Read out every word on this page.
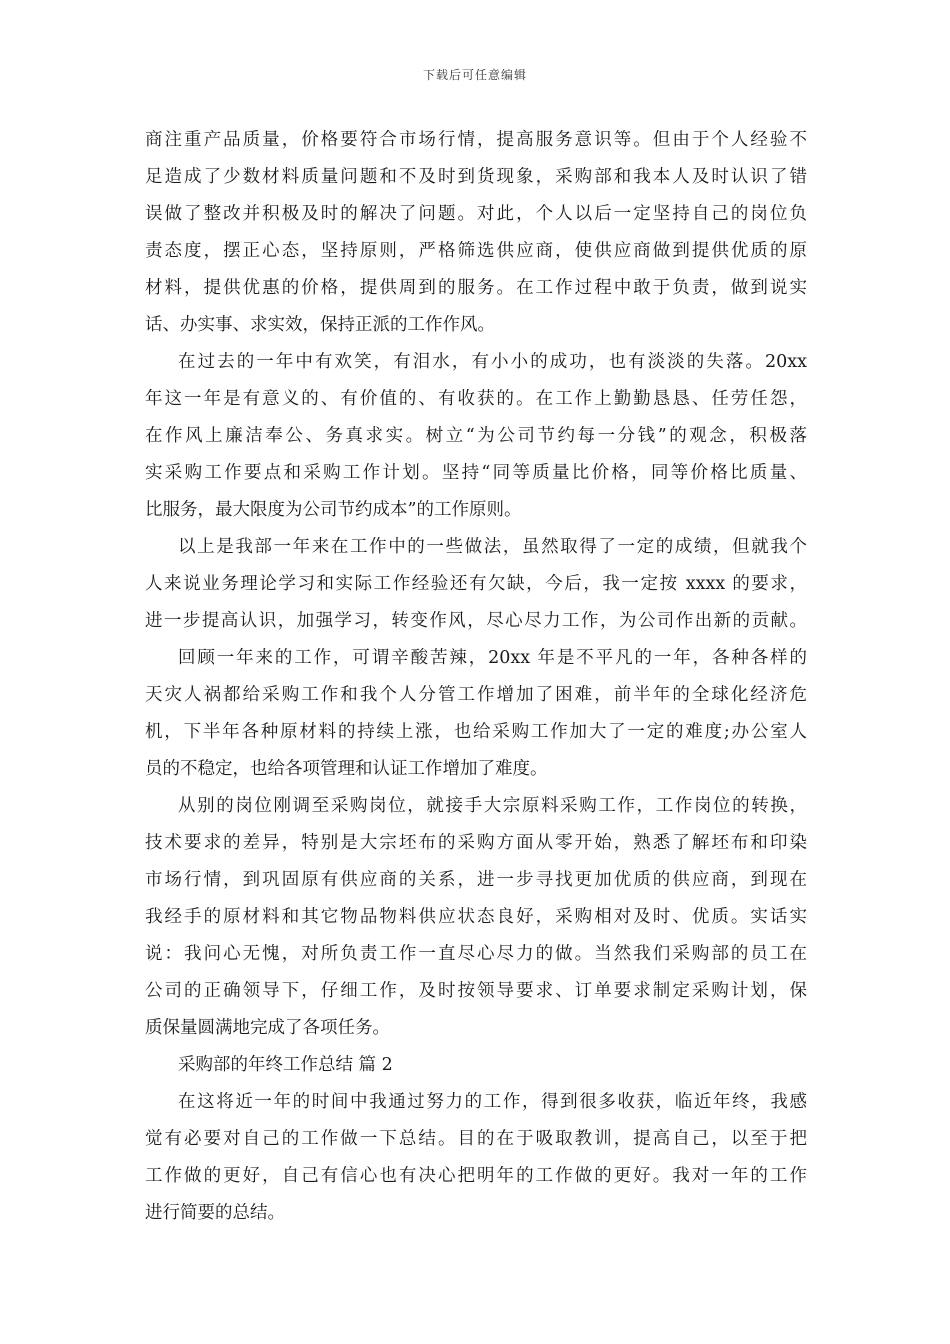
下载后可任意编辑
商注重产品质量，价格要符合市场行情，提高服务意识等。但由于个人经验不
足造成了少数材料质量问题和不及时到货现象，采购部和我本人及时认识了错
误做了整改并积极及时的解决了问题。对此，个人以后一定坚持自己的岗位负
责态度，摆正心态，坚持原则，严格筛选供应商，使供应商做到提供优质的原
材料，提供优惠的价格，提供周到的服务。在工作过程中敢于负责，做到说实
话、办实事、求实效，保持正派的工作作风。
在过去的一年中有欢笑，有泪水，有小小的成功，也有淡淡的失落。20xx
年这一年是有意义的、有价值的、有收获的。在工作上勤勤恳恳、任劳任怨，
在作风上廉洁奉公、务真求实。树立“为公司节约每一分钱”的观念，积极落
实采购工作要点和采购工作计划。坚持“同等质量比价格，同等价格比质量、
比服务，最大限度为公司节约成本”的工作原则。
以上是我部一年来在工作中的一些做法，虽然取得了一定的成绩，但就我个
人来说业务理论学习和实际工作经验还有欠缺，今后，我一定按 xxxx 的要求，
进一步提高认识，加强学习，转变作风，尽心尽力工作，为公司作出新的贡献。
回顾一年来的工作，可谓辛酸苦辣，20xx 年是不平凡的一年，各种各样的
天灾人祸都给采购工作和我个人分管工作增加了困难，前半年的全球化经济危
机，下半年各种原材料的持续上涨，也给采购工作加大了一定的难度;办公室人
员的不稳定，也给各项管理和认证工作增加了难度。
从别的岗位刚调至采购岗位，就接手大宗原料采购工作，工作岗位的转换，
技术要求的差异，特别是大宗坯布的采购方面从零开始，熟悉了解坯布和印染
市场行情，到巩固原有供应商的关系，进一步寻找更加优质的供应商，到现在
我经手的原材料和其它物品物料供应状态良好，采购相对及时、优质。实话实
说：我问心无愧，对所负责工作一直尽心尽力的做。当然我们采购部的员工在
公司的正确领导下，仔细工作，及时按领导要求、订单要求制定采购计划，保
质保量圆满地完成了各项任务。
采购部的年终工作总结 篇 2
在这将近一年的时间中我通过努力的工作，得到很多收获，临近年终，我感
觉有必要对自己的工作做一下总结。目的在于吸取教训，提高自己，以至于把
工作做的更好，自己有信心也有决心把明年的工作做的更好。我对一年的工作
进行简要的总结。
